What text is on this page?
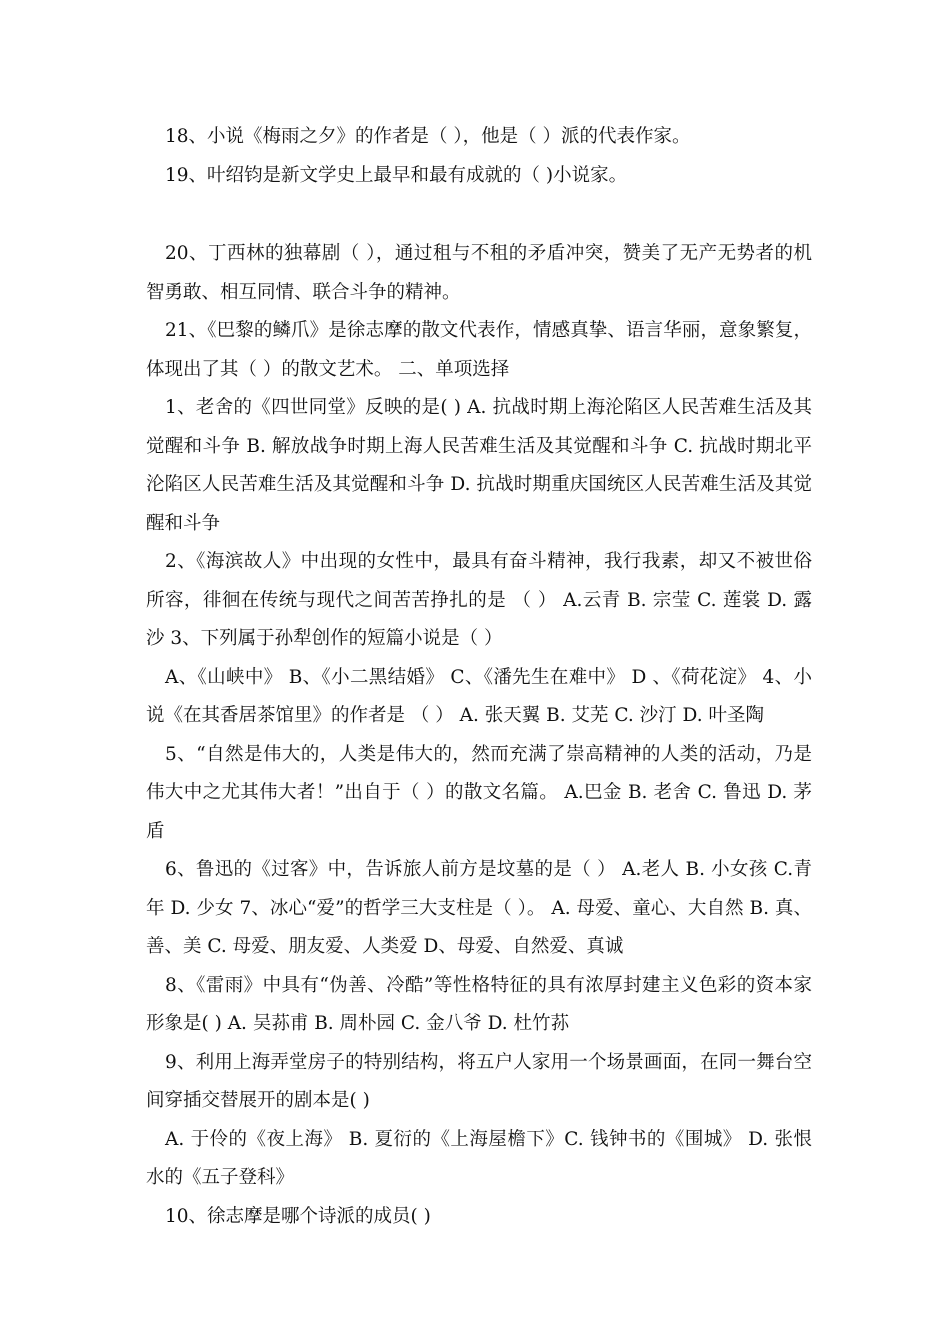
18、小说《梅雨之夕》的作者是（ ），他是（ ）派的代表作家。

19、叶绍钧是新文学史上最早和最有成就的（ )小说家。

20、丁西林的独幕剧（ ），通过租与不租的矛盾冲突，赞美了无产无势者的机智勇敢、相互同情、联合斗争的精神。

21、《巴黎的鳞爪》是徐志摩的散文代表作，情感真挚、语言华丽，意象繁复，体现出了其（ ）的散文艺术。 二、单项选择

1、老舍的《四世同堂》反映的是( ) A. 抗战时期上海沦陷区人民苦难生活及其觉醒和斗争 B. 解放战争时期上海人民苦难生活及其觉醒和斗争 C. 抗战时期北平沦陷区人民苦难生活及其觉醒和斗争 D. 抗战时期重庆国统区人民苦难生活及其觉醒和斗争

2、《海滨故人》中出现的女性中，最具有奋斗精神，我行我素，却又不被世俗所容，徘徊在传统与现代之间苦苦挣扎的是 （ ） A.云青 B. 宗莹 C. 莲裳 D. 露沙 3、下列属于孙犁创作的短篇小说是（ ）

A、《山峡中》 B、《小二黑结婚》 C、《潘先生在难中》 D 、《荷花淀》 4、小说《在其香居茶馆里》的作者是 （ ） A. 张天翼 B. 艾芜 C. 沙汀 D. 叶圣陶

5、“自然是伟大的，人类是伟大的，然而充满了崇高精神的人类的活动，乃是伟大中之尤其伟大者！”出自于（ ）的散文名篇。 A.巴金 B. 老舍 C. 鲁迅 D. 茅盾

6、鲁迅的《过客》中，告诉旅人前方是坟墓的是（ ） A.老人 B. 小女孩 C.青年 D. 少女 7、冰心“爱”的哲学三大支柱是（ ）。 A. 母爱、童心、大自然 B. 真、善、美 C. 母爱、朋友爱、人类爱 D、母爱、自然爱、真诚

8、《雷雨》中具有“伪善、冷酷”等性格特征的具有浓厚封建主义色彩的资本家形象是( ) A. 吴荪甫 B. 周朴园 C. 金八爷 D. 杜竹荪

9、利用上海弄堂房子的特别结构，将五户人家用一个场景画面，在同一舞台空间穿插交替展开的剧本是( )

A. 于伶的《夜上海》 B. 夏衍的《上海屋檐下》C. 钱钟书的《围城》 D. 张恨水的《五子登科》

10、徐志摩是哪个诗派的成员( )
